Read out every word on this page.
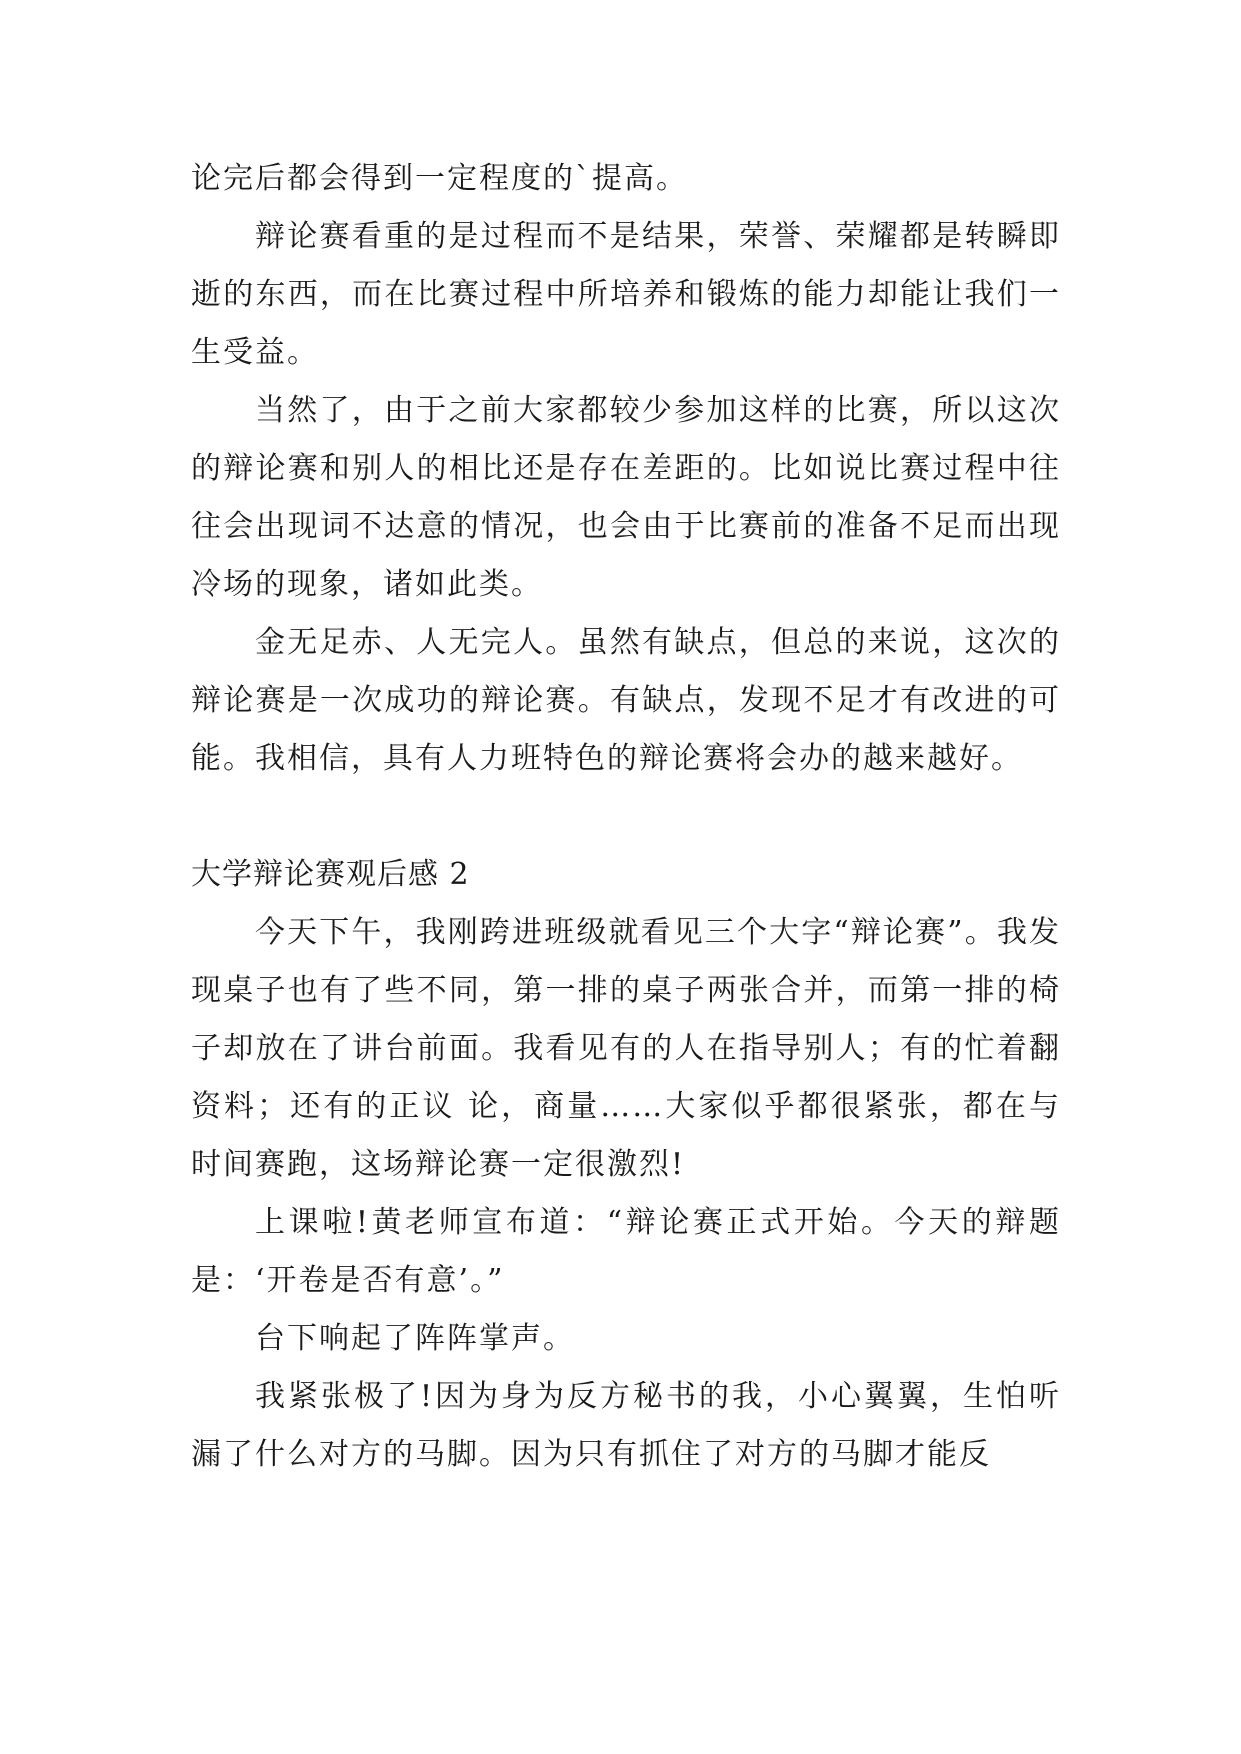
论完后都会得到一定程度的`提高。

辩论赛看重的是过程而不是结果，荣誉、荣耀都是转瞬即逝的东西，而在比赛过程中所培养和锻炼的能力却能让我们一生受益。

当然了，由于之前大家都较少参加这样的比赛，所以这次的辩论赛和别人的相比还是存在差距的。比如说比赛过程中往往会出现词不达意的情况，也会由于比赛前的准备不足而出现冷场的现象，诸如此类。

金无足赤、人无完人。虽然有缺点，但总的来说，这次的辩论赛是一次成功的辩论赛。有缺点，发现不足才有改进的可能。我相信，具有人力班特色的辩论赛将会办的越来越好。

大学辩论赛观后感 2

今天下午，我刚跨进班级就看见三个大字“辩论赛”。我发现桌子也有了些不同，第一排的桌子两张合并，而第一排的椅子却放在了讲台前面。我看见有的人在指导别人；有的忙着翻资料；还有的正议 论，商量……大家似乎都很紧张，都在与时间赛跑，这场辩论赛一定很激烈!

上课啦!黄老师宣布道：“辩论赛正式开始。今天的辩题是：‘开卷是否有意’。”

台下响起了阵阵掌声。

我紧张极了!因为身为反方秘书的我，小心翼翼，生怕听漏了什么对方的马脚。因为只有抓住了对方的马脚才能反
